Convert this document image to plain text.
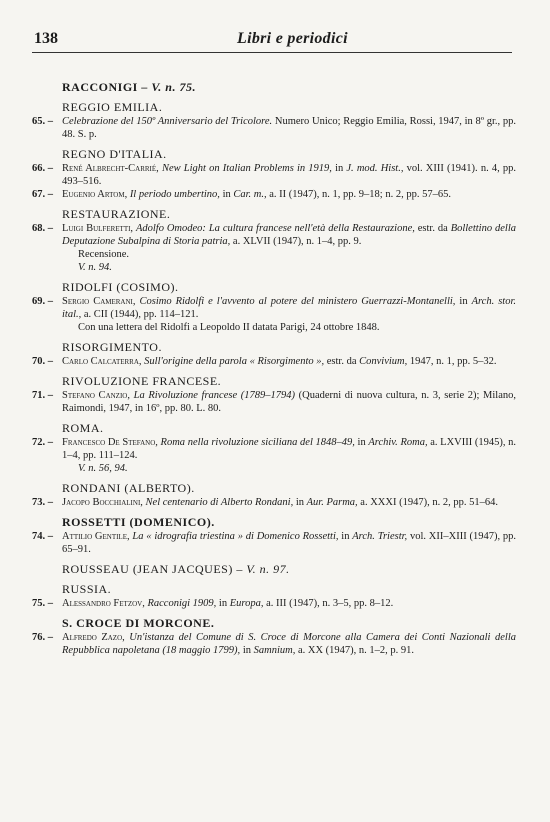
138	Libri e periodici
RACCONIGI – V. n. 75.
REGGIO EMILIA.
65. – Celebrazione del 150º Anniversario del Tricolore. Numero Unico; Reggio Emilia, Rossi, 1947, in 8º gr., pp. 48. S. p.
REGNO D'ITALIA.
66. – René Albrecht-Carrié, New Light on Italian Problems in 1919, in J. mod. Hist., vol. XIII (1941). n. 4, pp. 493–516.
67. – Eugenio Artom, Il periodo umbertino, in Car. m., a. II (1947), n. 1, pp. 9–18; n. 2, pp. 57–65.
RESTAURAZIONE.
68. – Luigi Bulferetti, Adolfo Omodeo: La cultura francese nell'età della Restaurazione, estr. da Bollettino della Deputazione Subalpina di Storia patria, a. XLVII (1947), n. 1–4, pp. 9.
Recensione.
V. n. 94.
RIDOLFI (COSIMO).
69. – Sergio Camerani, Cosimo Ridolfi e l'avvento al potere del ministero Guerrazzi-Montanelli, in Arch. stor. ital., a. CII (1944), pp. 114–121.
Con una lettera del Ridolfi a Leopoldo II datata Parigi, 24 ottobre 1848.
RISORGIMENTO.
70. – Carlo Calcaterra, Sull'origine della parola « Risorgimento », estr. da Convivium, 1947, n. 1, pp. 5–32.
RIVOLUZIONE FRANCESE.
71. – Stefano Canzio, La Rivoluzione francese (1789–1794) (Quaderni di nuova cultura, n. 3, serie 2); Milano, Raimondi, 1947, in 16º, pp. 80. L. 80.
ROMA.
72. – Francesco De Stefano, Roma nella rivoluzione siciliana del 1848–49, in Archiv. Roma, a. LXVIII (1945), n. 1–4, pp. 111–124.
V. n. 56, 94.
RONDANI (ALBERTO).
73. – Jacopo Bocchialini, Nel centenario di Alberto Rondani, in Aur. Parma, a. XXXI (1947), n. 2, pp. 51–64.
ROSSETTI (DOMENICO).
74. – Attilio Gentile, La « idrografia triestina » di Domenico Rossetti, in Arch. Triestr, vol. XII–XIII (1947), pp. 65–91.
ROUSSEAU (JEAN JACQUES) – V. n. 97.
RUSSIA.
75. – Alessandro Fetzov, Racconigi 1909, in Europa, a. III (1947), n. 3–5, pp. 8–12.
S. CROCE DI MORCONE.
76. – Alfredo Zazo, Un'istanza del Comune di S. Croce di Morcone alla Camera dei Conti Nazionali della Repubblica napoletana (18 maggio 1799), in Samnium, a. XX (1947), n. 1–2, p. 91.
